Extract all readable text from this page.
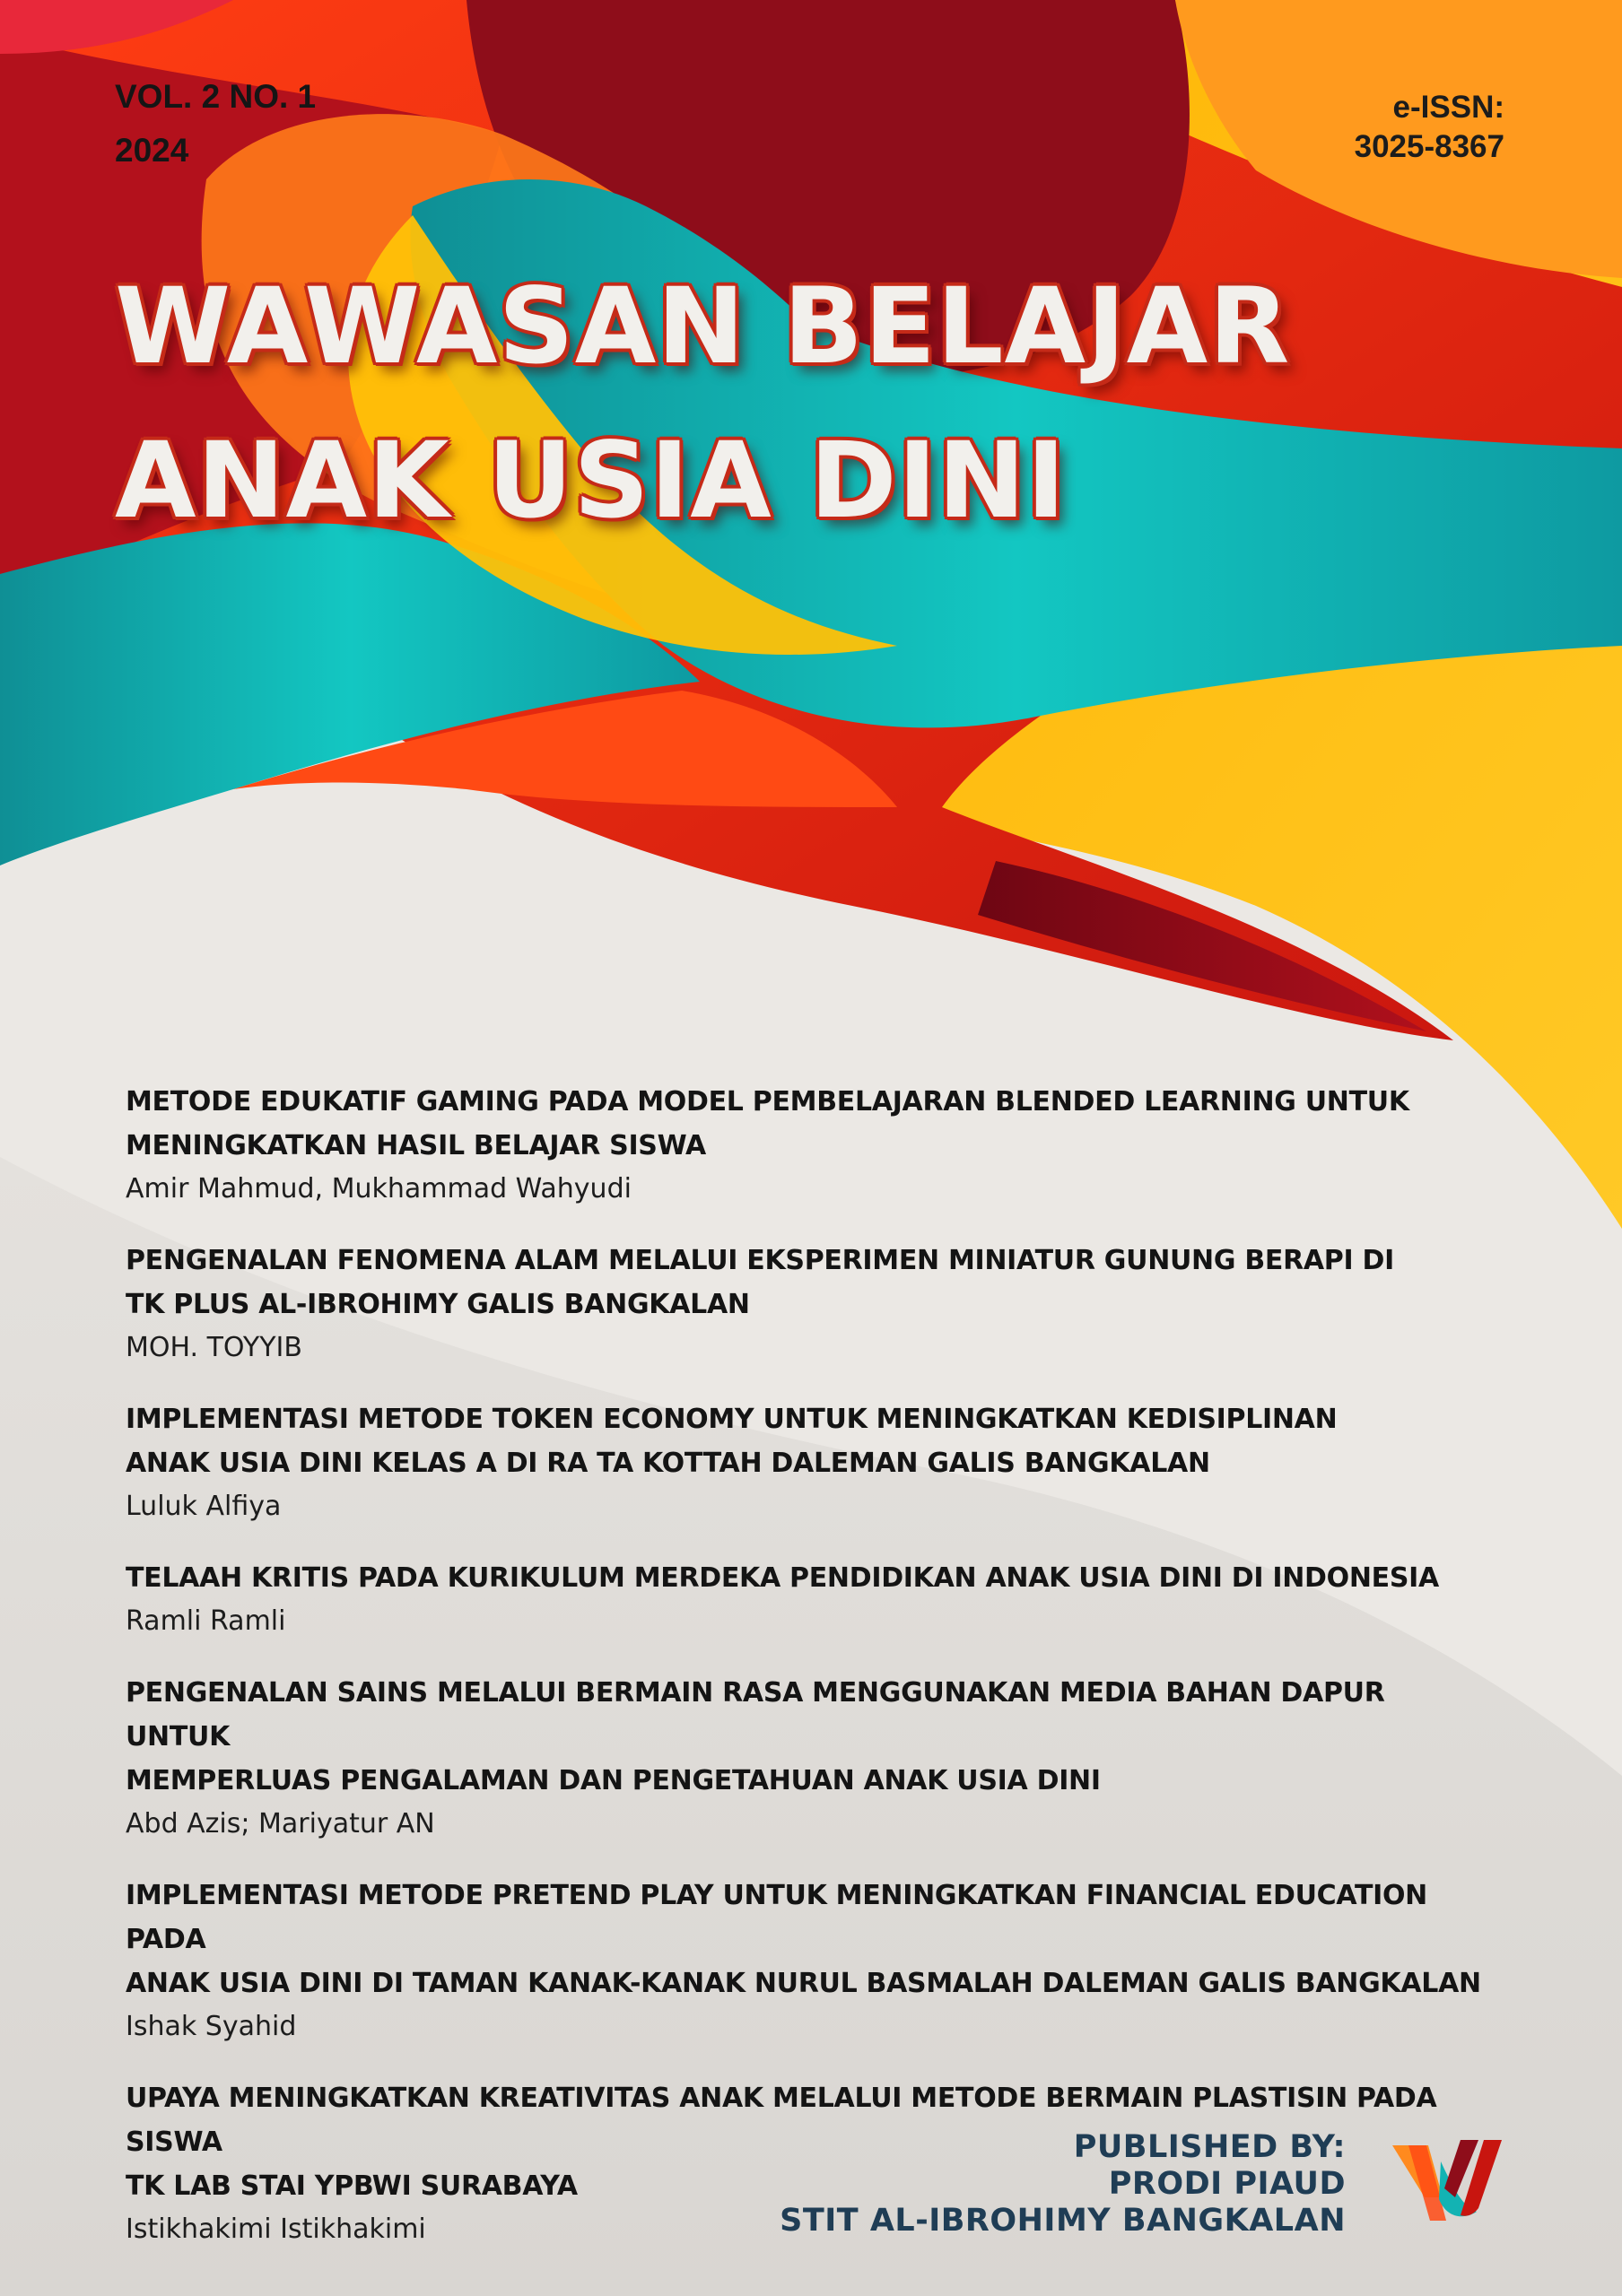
VOL. 2 NO. 1
2024
e-ISSN:
3025-8367
WAWASAN BELAJAR
ANAK USIA DINI
METODE EDUKATIF GAMING PADA MODEL PEMBELAJARAN BLENDED LEARNING UNTUK
MENINGKATKAN HASIL BELAJAR SISWA
Amir Mahmud, Mukhammad Wahyudi
PENGENALAN FENOMENA ALAM MELALUI EKSPERIMEN MINIATUR GUNUNG BERAPI DI
TK PLUS AL-IBROHIMY GALIS BANGKALAN
MOH. TOYYIB
IMPLEMENTASI METODE TOKEN ECONOMY UNTUK MENINGKATKAN KEDISIPLINAN
ANAK USIA DINI KELAS A DI RA TA KOTTAH DALEMAN GALIS BANGKALAN
Luluk Alfiya
TELAAH KRITIS PADA KURIKULUM MERDEKA PENDIDIKAN ANAK USIA DINI DI INDONESIA
Ramli Ramli
PENGENALAN SAINS MELALUI BERMAIN RASA MENGGUNAKAN MEDIA BAHAN DAPUR UNTUK
MEMPERLUAS PENGALAMAN DAN PENGETAHUAN ANAK USIA DINI
Abd Azis; Mariyatur AN
IMPLEMENTASI METODE PRETEND PLAY UNTUK MENINGKATKAN FINANCIAL EDUCATION PADA
ANAK USIA DINI DI TAMAN KANAK-KANAK NURUL BASMALAH DALEMAN GALIS BANGKALAN
Ishak Syahid
UPAYA MENINGKATKAN KREATIVITAS ANAK MELALUI METODE BERMAIN PLASTISIN PADA SISWA
TK LAB STAI YPBWI SURABAYA
Istikhakimi Istikhakimi
PUBLISHED BY:
PRODI PIAUD
STIT AL-IBROHIMY BANGKALAN
